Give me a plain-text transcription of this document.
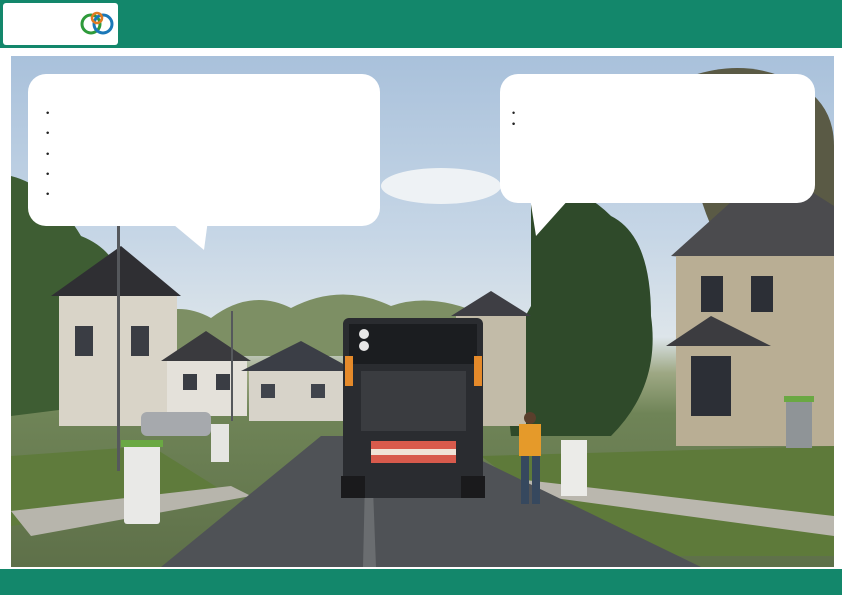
•
•
•
•
•
